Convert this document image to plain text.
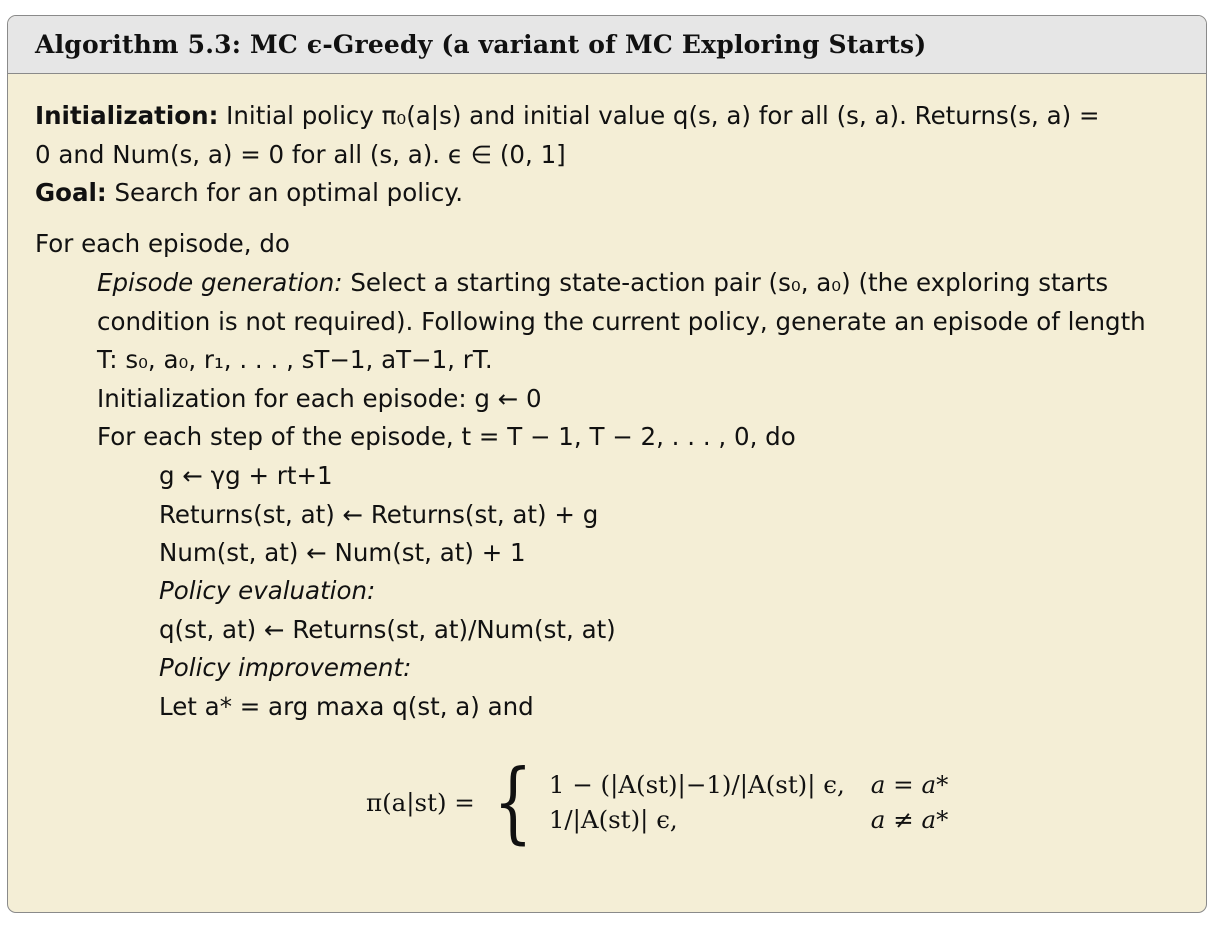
Algorithm 5.3: MC ϵ-Greedy (a variant of MC Exploring Starts)
Initialization: Initial policy π₀(a|s) and initial value q(s, a) for all (s, a). Returns(s, a) =
0 and Num(s, a) = 0 for all (s, a). ϵ ∈ (0, 1]
Goal: Search for an optimal policy.
For each episode, do
Episode generation: Select a starting state-action pair (s₀, a₀) (the exploring starts
condition is not required). Following the current policy, generate an episode of length
T: s₀, a₀, r₁, . . . , sT−1, aT−1, rT.
Initialization for each episode: g ← 0
For each step of the episode, t = T − 1, T − 2, . . . , 0, do
g ← γg + rt+1
Returns(st, at) ← Returns(st, at) + g
Num(st, at) ← Num(st, at) + 1
Policy evaluation:
q(st, at) ← Returns(st, at)/Num(st, at)
Policy improvement:
Let a* = arg maxa q(st, a) and
π(a|st) = { 1 − (|A(st)|−1)/|A(st)| ϵ, a = a*
1/|A(st)| ϵ,	a ≠ a*
